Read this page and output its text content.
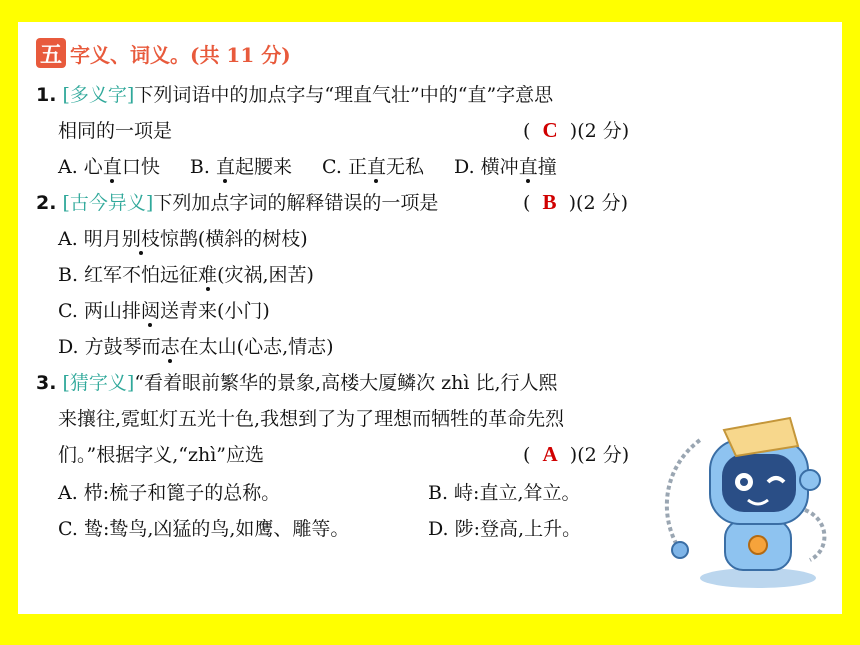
五 字义、词义。(共 11 分)
1. [多义字]下列词语中的加点字与“理直气壮”中的“直”字意思
相同的一项是	( C )(2 分)
A. 心直口快 B. 直起腰来 C. 正直无私 D. 横冲直撞
2. [古今异义]下列加点字词的解释错误的一项是	( B )(2 分)
A. 明月别枝惊鹊(横斜的树枝)
B. 红军不怕远征难(灾祸,困苦)
C. 两山排闼送青来(小门)
D. 方鼓琴而志在太山(心志,情志)
3. [猜字义]“看着眼前繁华的景象,高楼大厦鳞次 zhì 比,行人熙
来攘往,霓虹灯五光十色,我想到了为了理想而牺牲的革命先烈
们。”根据字义,“zhì”应选	( A )(2 分)
A. 栉:梳子和篦子的总称。	B. 峙:直立,耸立。
C. 鸷:鸷鸟,凶猛的鸟,如鹰、雕等。	D. 陟:登高,上升。
